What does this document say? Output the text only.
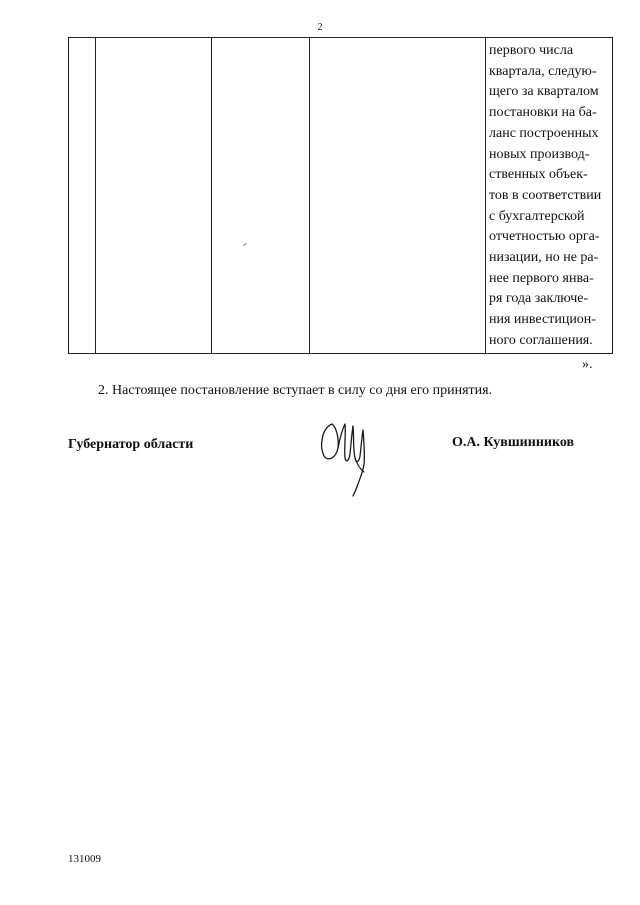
2

первого числа
квартала, следую-
щего за кварталом
постановки на ба-
ланс построенных
новых производ-
ственных объек-
тов в соответствии
с бухгалтерской
отчетностью орга-
низации, но не ра-
нее первого янва-
ря года заключе-
ния инвестицион-
ного соглашения.
».
2. Настоящее постановление вступает в силу со дня его принятия.
Губернатор области	О.А. Кувшинников
131009
